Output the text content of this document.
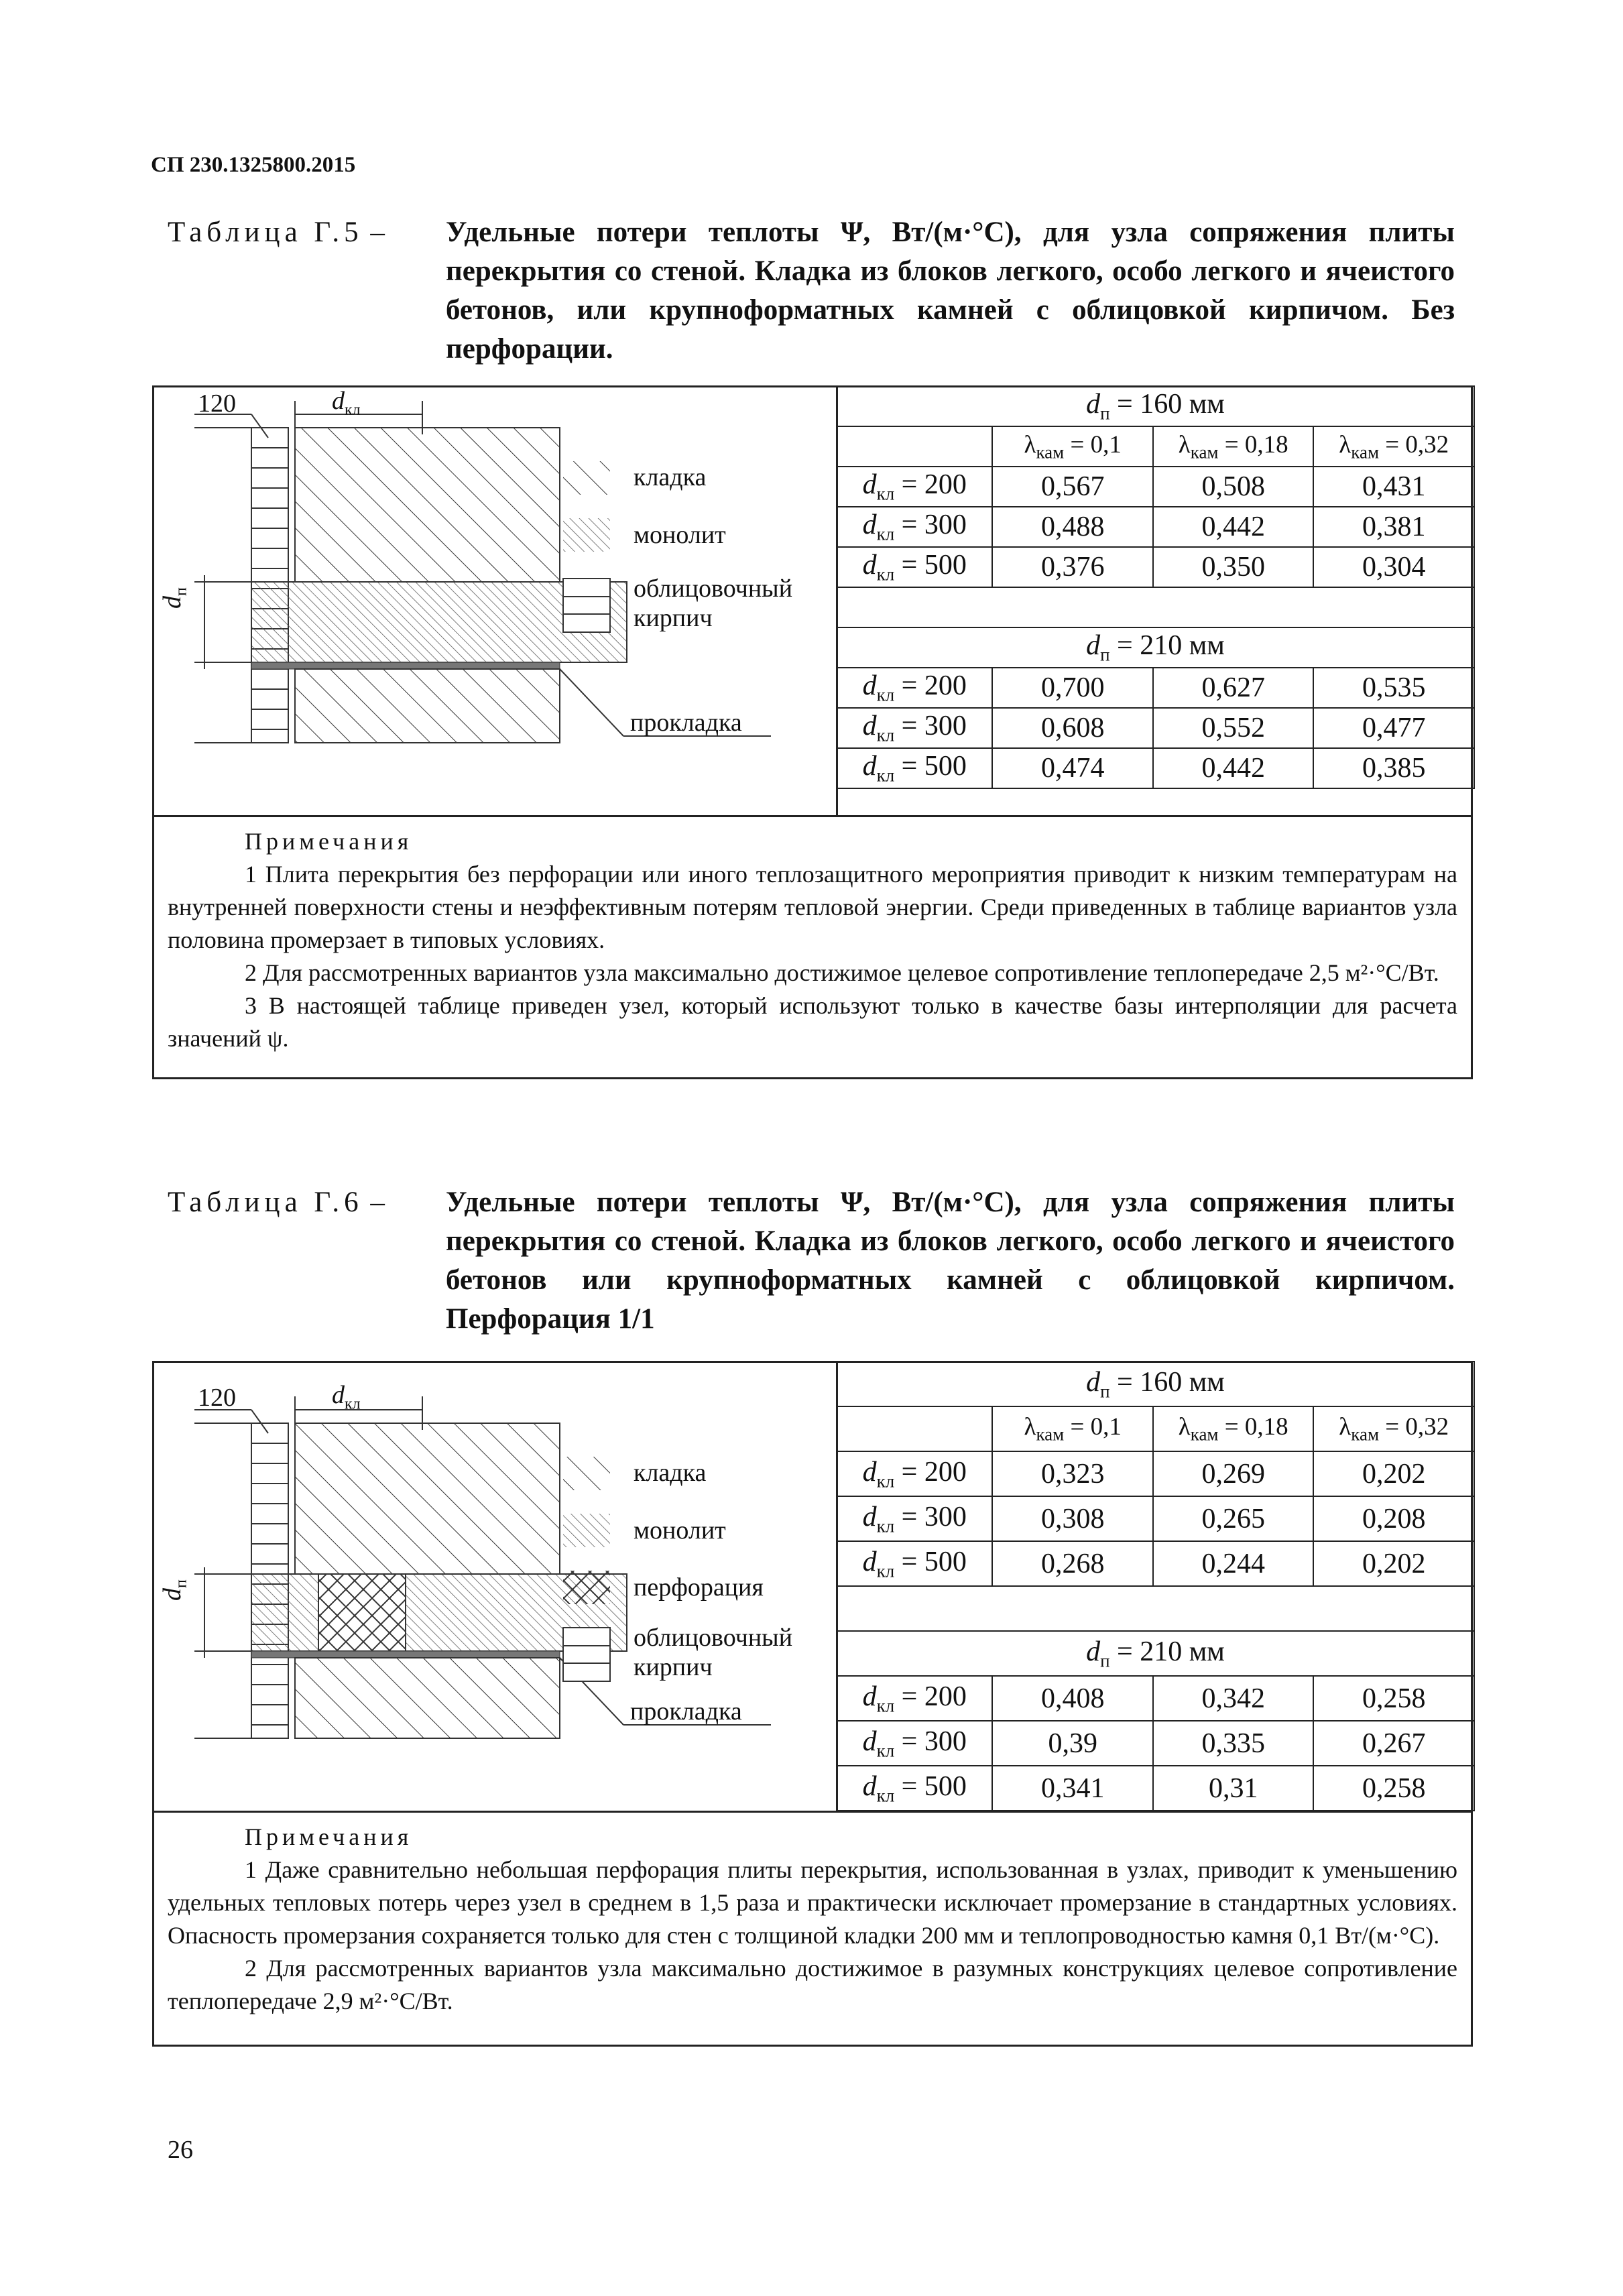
СП 230.1325800.2015
Таблица Г.5 – Удельные потери теплоты Ψ, Вт/(м·°С), для узла сопряжения плиты перекрытия со стеной. Кладка из блоков легкого, особо легкого и ячеистого бетонов, или крупноформатных камней с облицовкой кирпичом. Без перфорации.
120	$d_{кл}$
$d_п$
кладка
монолит
облицовочный
кирпич
прокладка
$d_п = 160$ мм			
	$\lambda_{кам} = 0,1$	$\lambda_{кам} = 0,18$	$\lambda_{кам} = 0,32$
$d_{кл} = 200$	0,567	0,508	0,431
$d_{кл} = 300$	0,488	0,442	0,381
$d_{кл} = 500$	0,376	0,350	0,304

$d_п = 210$ мм			
$d_{кл} = 200$	0,700	0,627	0,535
$d_{кл} = 300$	0,608	0,552	0,477
$d_{кл} = 500$	0,474	0,442	0,385
Примечания

1 Плита перекрытия без перфорации или иного теплозащитного мероприятия приводит к низким температурам на внутренней поверхности стены и неэффективным потерям тепловой энергии. Среди приведенных в таблице вариантов узла половина промерзает в типовых условиях.

2 Для рассмотренных вариантов узла максимально достижимое целевое сопротивление теплопередаче 2,5 м²·°С/Вт.

3 В настоящей таблице приведен узел, который используют только в качестве базы интерполяции для расчета значений ψ.

Таблица Г.6 – Удельные потери теплоты Ψ, Вт/(м·°С), для узла сопряжения плиты перекрытия со стеной. Кладка из блоков легкого, особо легкого и ячеистого бетонов или крупноформатных камней с облицовкой кирпичом. Перфорация 1/1
120	$d_{кл}$
$d_п$
кладка
монолит
перфорация
облицовочный
кирпич
прокладка
$d_п = 160$ мм			
	$\lambda_{кам} = 0,1$	$\lambda_{кам} = 0,18$	$\lambda_{кам} = 0,32$
$d_{кл} = 200$	0,323	0,269	0,202
$d_{кл} = 300$	0,308	0,265	0,208
$d_{кл} = 500$	0,268	0,244	0,202

$d_п = 210$ мм			
$d_{кл} = 200$	0,408	0,342	0,258
$d_{кл} = 300$	0,39	0,335	0,267
$d_{кл} = 500$	0,341	0,31	0,258
Примечания

1 Даже сравнительно небольшая перфорация плиты перекрытия, использованная в узлах, приводит к уменьшению удельных тепловых потерь через узел в среднем в 1,5 раза и практически исключает промерзание в стандартных условиях. Опасность промерзания сохраняется только для стен с толщиной кладки 200 мм и теплопроводностью камня 0,1 Вт/(м·°С).

2 Для рассмотренных вариантов узла максимально достижимое в разумных конструкциях целевое сопротивление теплопередаче 2,9 м²·°С/Вт.

26
